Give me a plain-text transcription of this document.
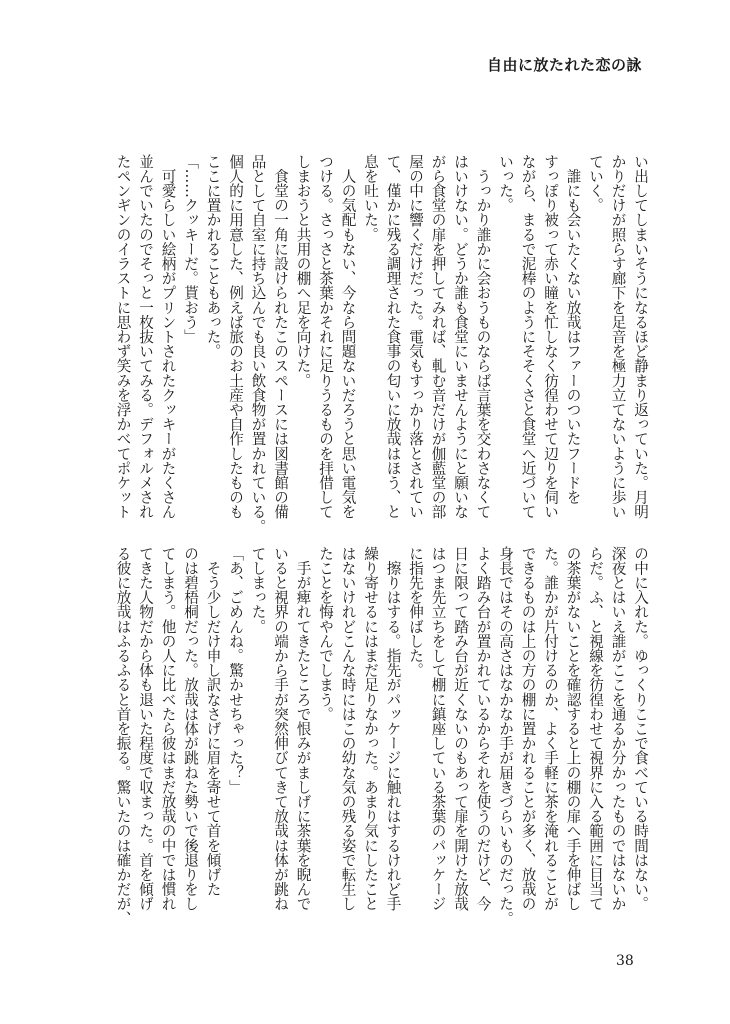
自由に放たれた恋の詠
い出してしまいそうになるほど静まり返っていた。月明
かりだけが照らす廊下を足音を極力立てないように歩い
ていく。
　誰にも会いたくない放哉はファーのついたフードを
すっぽり被って赤い瞳を忙しなく彷徨わせて辺りを伺い
ながら、まるで泥棒のようにそそくさと食堂へ近づいて
いった。
　うっかり誰かに会おうものならば言葉を交わさなくて
はいけない。どうか誰も食堂にいませんようにと願いな
がら食堂の扉を押してみれば、軋む音だけが伽藍堂の部
屋の中に響くだけだった。電気もすっかり落とされてい
て、僅かに残る調理された食事の匂いに放哉はほう、と
息を吐いた。
　人の気配もない、今なら問題ないだろうと思い電気を
つける。さっさと茶葉かそれに足りうるものを拝借して
しまおうと共用の棚へ足を向けた。
　食堂の一角に設けられたこのスペースには図書館の備
品として自室に持ち込んでも良い飲食物が置かれている。
個人的に用意した、例えば旅のお土産や自作したものも
ここに置かれることもあった。
「……クッキーだ。貰おう」
　可愛らしい絵柄がプリントされたクッキーがたくさん
並んでいたのでそっと一枚抜いてみる。デフォルメされ
たペンギンのイラストに思わず笑みを浮かべてポケット
の中に入れた。ゆっくりここで食べている時間はない。
深夜とはいえ誰がここを通るか分かったものではないか
らだ。ふ、と視線を彷徨わせて視界に入る範囲に目当て
の茶葉がないことを確認すると上の棚の扉へ手を伸ばし
た。誰かが片付けるのか、よく手軽に茶を淹れることが
できるものは上の方の棚に置かれることが多く、放哉の
身長ではその高さはなかなか手が届きづらいものだった。
よく踏み台が置かれているからそれを使うのだけど、今
日に限って踏み台が近くないのもあって扉を開けた放哉
はつま先立ちをして棚に鎮座している茶葉のパッケージ
に指先を伸ばした。
　擦りはする。指先がパッケージに触れはするけれど手
繰り寄せるにはまだ足りなかった。あまり気にしたこと
はないけれどこんな時にはこの幼な気の残る姿で転生し
たことを悔やんでしまう。
　手が痺れてきたところで恨みがましげに茶葉を睨んで
いると視界の端から手が突然伸びてきて放哉は体が跳ね
てしまった。
「あ、ごめんね。驚かせちゃった？」
　そう少しだけ申し訳なさげに眉を寄せて首を傾げた
のは碧梧桐だった。放哉は体が跳ねた勢いで後退りをし
てしまう。他の人に比べたら彼はまだ放哉の中では慣れ
てきた人物だから体も退いた程度で収まった。首を傾げ
る彼に放哉はふるふると首を振る。驚いたのは確かだが、
38
